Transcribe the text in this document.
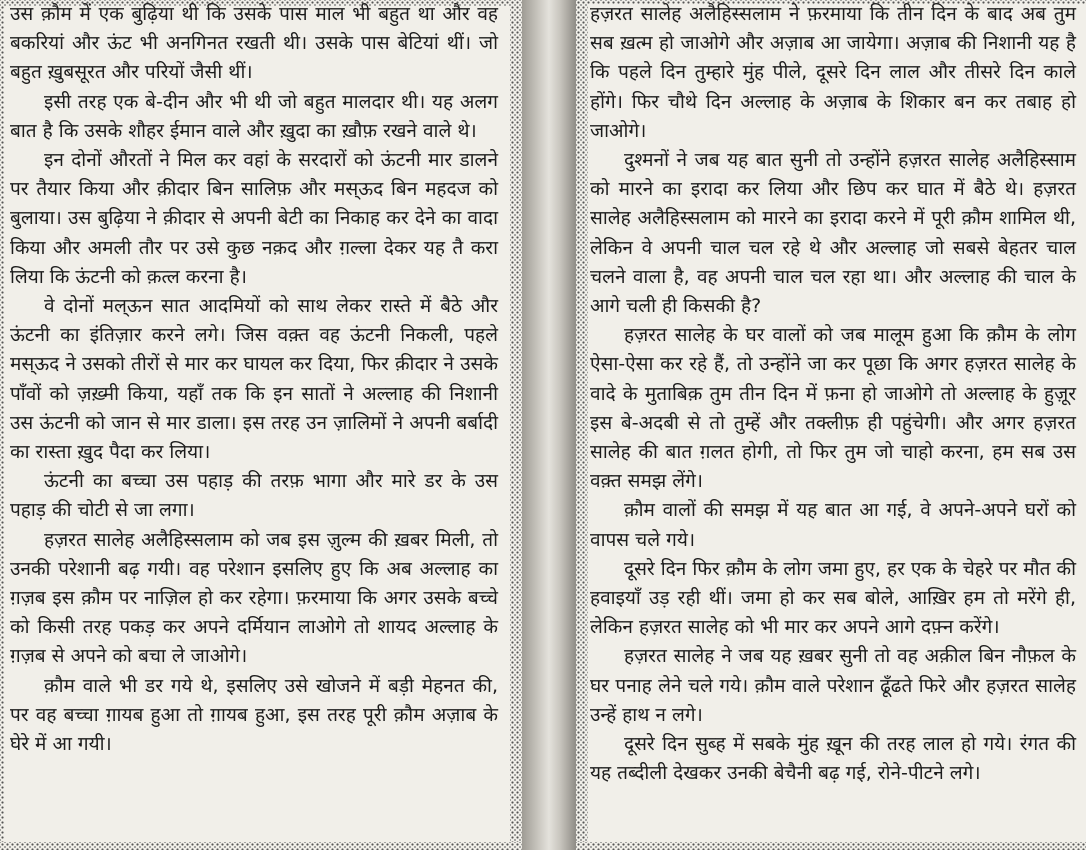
उस क़ौम में एक बुढ़िया थी कि उसके पास माल भी बहुत था और वह बकरियां और ऊंट भी अनगिनत रखती थी। उसके पास बेटियां थीं। जो बहुत ख़ुबसूरत और परियों जैसी थीं।

इसी तरह एक बे-दीन और भी थी जो बहुत मालदार थी। यह अलग बात है कि उसके शौहर ईमान वाले और ख़ुदा का ख़ौफ़ रखने वाले थे।

इन दोनों औरतों ने मिल कर वहां के सरदारों को ऊंटनी मार डालने पर तैयार किया और क़ीदार बिन सालिफ़ और मस्ऊद बिन महदज को बुलाया। उस बुढ़िया ने क़ीदार से अपनी बेटी का निकाह कर देने का वादा किया और अमली तौर पर उसे कुछ नक़द और ग़ल्ला देकर यह तै करा लिया कि ऊंटनी को क़त्ल करना है।

वे दोनों मल्ऊन सात आदमियों को साथ लेकर रास्ते में बैठे और ऊंटनी का इंतिज़ार करने लगे। जिस वक़्त वह ऊंटनी निकली, पहले मस्ऊद ने उसको तीरों से मार कर घायल कर दिया, फिर क़ीदार ने उसके पाँवों को ज़ख़्मी किया, यहाँ तक कि इन सातों ने अल्लाह की निशानी उस ऊंटनी को जान से मार डाला। इस तरह उन ज़ालिमों ने अपनी बर्बादी का रास्ता ख़ुद पैदा कर लिया।

ऊंटनी का बच्चा उस पहाड़ की तरफ़ भागा और मारे डर के उस पहाड़ की चोटी से जा लगा।

हज़रत सालेह अलैहिस्सलाम को जब इस ज़ुल्म की ख़बर मिली, तो उनकी परेशानी बढ़ गयी। वह परेशान इसलिए हुए कि अब अल्लाह का ग़ज़ब इस क़ौम पर नाज़िल हो कर रहेगा। फ़रमाया कि अगर उसके बच्चे को किसी तरह पकड़ कर अपने दर्मियान लाओगे तो शायद अल्लाह के ग़ज़ब से अपने को बचा ले जाओगे।

क़ौम वाले भी डर गये थे, इसलिए उसे खोजने में बड़ी मेहनत की, पर वह बच्चा ग़ायब हुआ तो ग़ायब हुआ, इस तरह पूरी क़ौम अज़ाब के घेरे में आ गयी।

हज़रत सालेह अलैहिस्सलाम ने फ़रमाया कि तीन दिन के बाद अब तुम सब ख़त्म हो जाओगे और अज़ाब आ जायेगा। अज़ाब की निशानी यह है कि पहले दिन तुम्हारे मुंह पीले, दूसरे दिन लाल और तीसरे दिन काले होंगे। फिर चौथे दिन अल्लाह के अज़ाब के शिकार बन कर तबाह हो जाओगे।

दुश्मनों ने जब यह बात सुनी तो उन्होंने हज़रत सालेह अलैहिस्साम को मारने का इरादा कर लिया और छिप कर घात में बैठे थे। हज़रत सालेह अलैहिस्सलाम को मारने का इरादा करने में पूरी क़ौम शामिल थी, लेकिन वे अपनी चाल चल रहे थे और अल्लाह जो सबसे बेहतर चाल चलने वाला है, वह अपनी चाल चल रहा था। और अल्लाह की चाल के आगे चली ही किसकी है?

हज़रत सालेह के घर वालों को जब मालूम हुआ कि क़ौम के लोग ऐसा-ऐसा कर रहे हैं, तो उन्होंने जा कर पूछा कि अगर हज़रत सालेह के वादे के मुताबिक़ तुम तीन दिन में फ़ना हो जाओगे तो अल्लाह के हुज़ूर इस बे-अदबी से तो तुम्हें और तक्लीफ़ ही पहुंचेगी। और अगर हज़रत सालेह की बात ग़लत होगी, तो फिर तुम जो चाहो करना, हम सब उस वक़्त समझ लेंगे।

क़ौम वालों की समझ में यह बात आ गई, वे अपने-अपने घरों को वापस चले गये।

दूसरे दिन फिर क़ौम के लोग जमा हुए, हर एक के चेहरे पर मौत की हवाइयाँ उड़ रही थीं। जमा हो कर सब बोले, आख़िर हम तो मरेंगे ही, लेकिन हज़रत सालेह को भी मार कर अपने आगे दफ़्न करेंगे।

हज़रत सालेह ने जब यह ख़बर सुनी तो वह अक़ील बिन नौफ़ल के घर पनाह लेने चले गये। क़ौम वाले परेशान ढूँढते फिरे और हज़रत सालेह उन्हें हाथ न लगे।

दूसरे दिन सुब्ह में सबके मुंह ख़ून की तरह लाल हो गये। रंगत की यह तब्दीली देखकर उनकी बेचैनी बढ़ गई, रोने-पीटने लगे।
